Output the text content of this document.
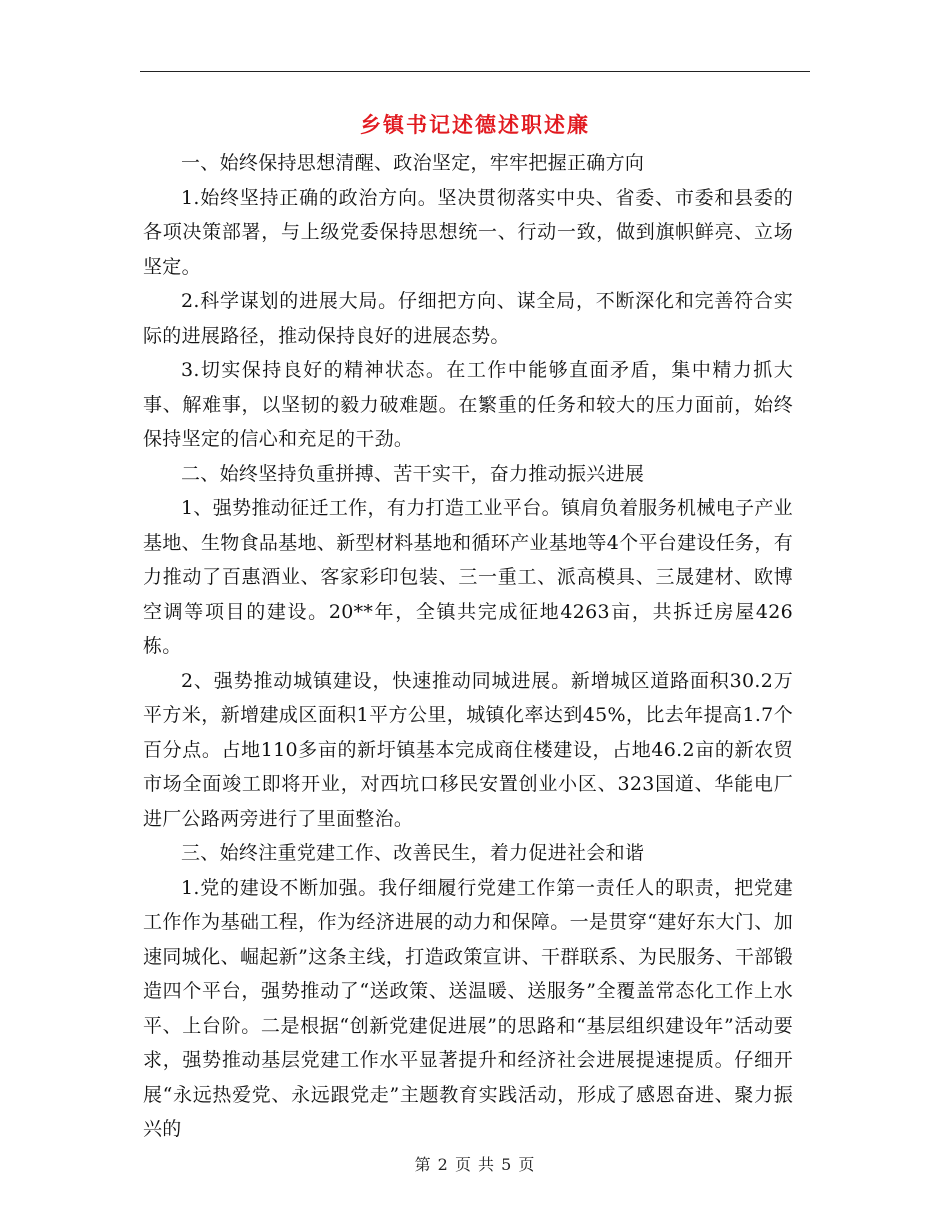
乡镇书记述德述职述廉

一、始终保持思想清醒、政治坚定，牢牢把握正确方向

1.始终坚持正确的政治方向。坚决贯彻落实中央、省委、市委和县委的各项决策部署，与上级党委保持思想统一、行动一致，做到旗帜鲜亮、立场坚定。

2.科学谋划的进展大局。仔细把方向、谋全局，不断深化和完善符合实际的进展路径，推动保持良好的进展态势。

3.切实保持良好的精神状态。在工作中能够直面矛盾，集中精力抓大事、解难事，以坚韧的毅力破难题。在繁重的任务和较大的压力面前，始终保持坚定的信心和充足的干劲。

二、始终坚持负重拼搏、苦干实干，奋力推动振兴进展

1、强势推动征迁工作，有力打造工业平台。镇肩负着服务机械电子产业基地、生物食品基地、新型材料基地和循环产业基地等4个平台建设任务，有力推动了百惠酒业、客家彩印包装、三一重工、派高模具、三晟建材、欧博空调等项目的建设。20**年，全镇共完成征地4263亩，共拆迁房屋426栋。

2、强势推动城镇建设，快速推动同城进展。新增城区道路面积30.2万平方米，新增建成区面积1平方公里，城镇化率达到45%，比去年提高1.7个百分点。占地110多亩的新圩镇基本完成商住楼建设，占地46.2亩的新农贸市场全面竣工即将开业，对西坑口移民安置创业小区、323国道、华能电厂进厂公路两旁进行了里面整治。

三、始终注重党建工作、改善民生，着力促进社会和谐

1.党的建设不断加强。我仔细履行党建工作第一责任人的职责，把党建工作作为基础工程，作为经济进展的动力和保障。一是贯穿“建好东大门、加速同城化、崛起新”这条主线，打造政策宣讲、干群联系、为民服务、干部锻造四个平台，强势推动了“送政策、送温暖、送服务”全覆盖常态化工作上水平、上台阶。二是根据“创新党建促进展”的思路和“基层组织建设年”活动要求，强势推动基层党建工作水平显著提升和经济社会进展提速提质。仔细开展“永远热爱党、永远跟党走”主题教育实践活动，形成了感恩奋进、聚力振兴的

第 2 页 共 5 页
